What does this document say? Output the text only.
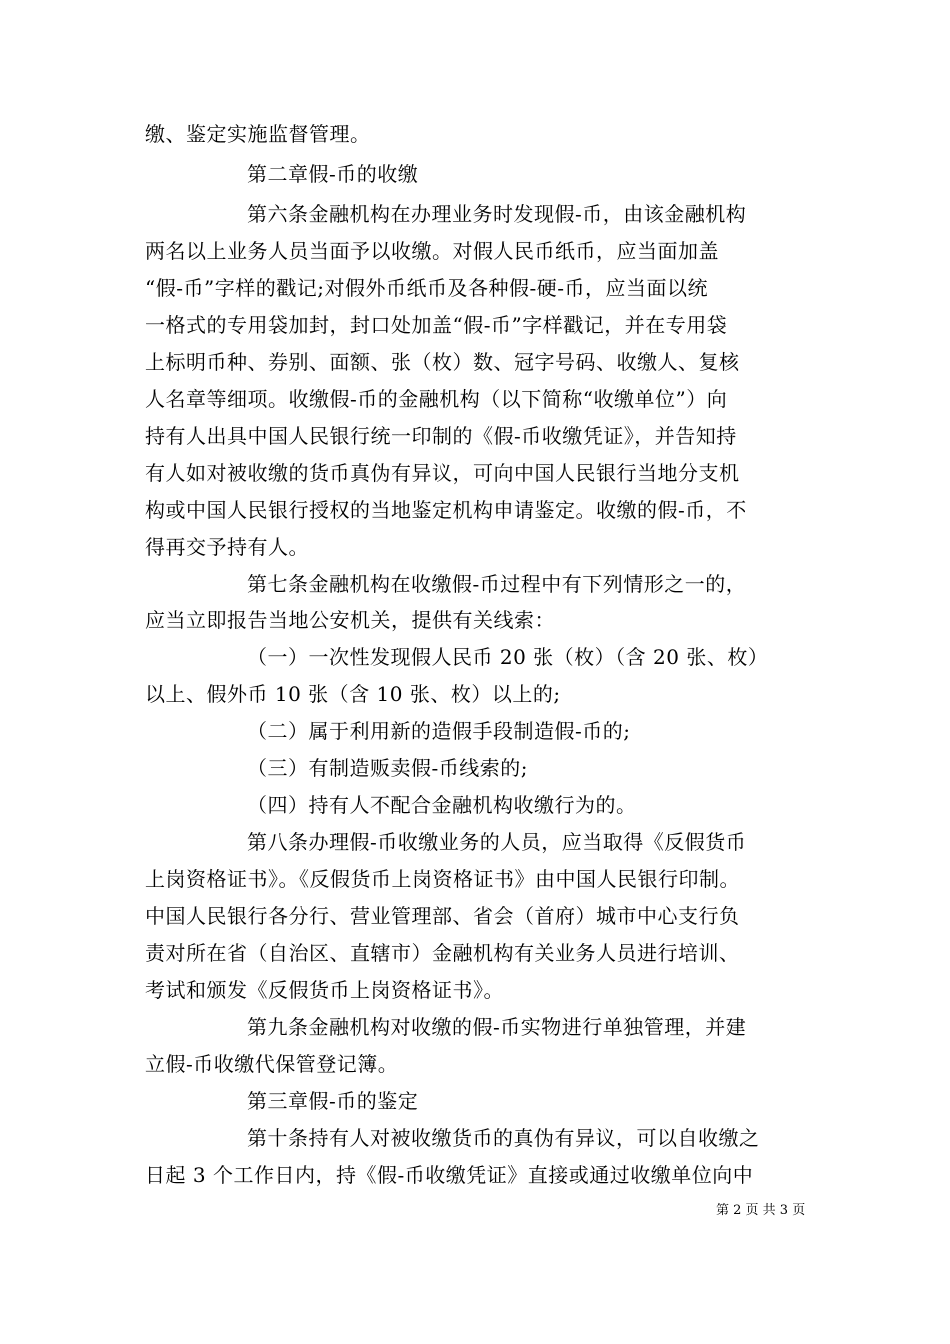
缴、鉴定实施监督管理。
第二章假-币的收缴
第六条金融机构在办理业务时发现假-币，由该金融机构
两名以上业务人员当面予以收缴。对假人民币纸币，应当面加盖
“假-币”字样的戳记;对假外币纸币及各种假-硬-币，应当面以统
一格式的专用袋加封，封口处加盖“假-币”字样戳记，并在专用袋
上标明币种、券别、面额、张（枚）数、冠字号码、收缴人、复核
人名章等细项。收缴假-币的金融机构（以下简称“收缴单位”）向
持有人出具中国人民银行统一印制的《假-币收缴凭证》，并告知持
有人如对被收缴的货币真伪有异议，可向中国人民银行当地分支机
构或中国人民银行授权的当地鉴定机构申请鉴定。收缴的假-币，不
得再交予持有人。
第七条金融机构在收缴假-币过程中有下列情形之一的，
应当立即报告当地公安机关，提供有关线索：
（一）一次性发现假人民币 20 张（枚）（含 20 张、枚）
以上、假外币 10 张（含 10 张、枚）以上的;
（二）属于利用新的造假手段制造假-币的;
（三）有制造贩卖假-币线索的;
（四）持有人不配合金融机构收缴行为的。
第八条办理假-币收缴业务的人员，应当取得《反假货币
上岗资格证书》。《反假货币上岗资格证书》由中国人民银行印制。
中国人民银行各分行、营业管理部、省会（首府）城市中心支行负
责对所在省（自治区、直辖市）金融机构有关业务人员进行培训、
考试和颁发《反假货币上岗资格证书》。
第九条金融机构对收缴的假-币实物进行单独管理，并建
立假-币收缴代保管登记簿。
第三章假-币的鉴定
第十条持有人对被收缴货币的真伪有异议，可以自收缴之
日起 3 个工作日内，持《假-币收缴凭证》直接或通过收缴单位向中
第 2 页 共 3 页
